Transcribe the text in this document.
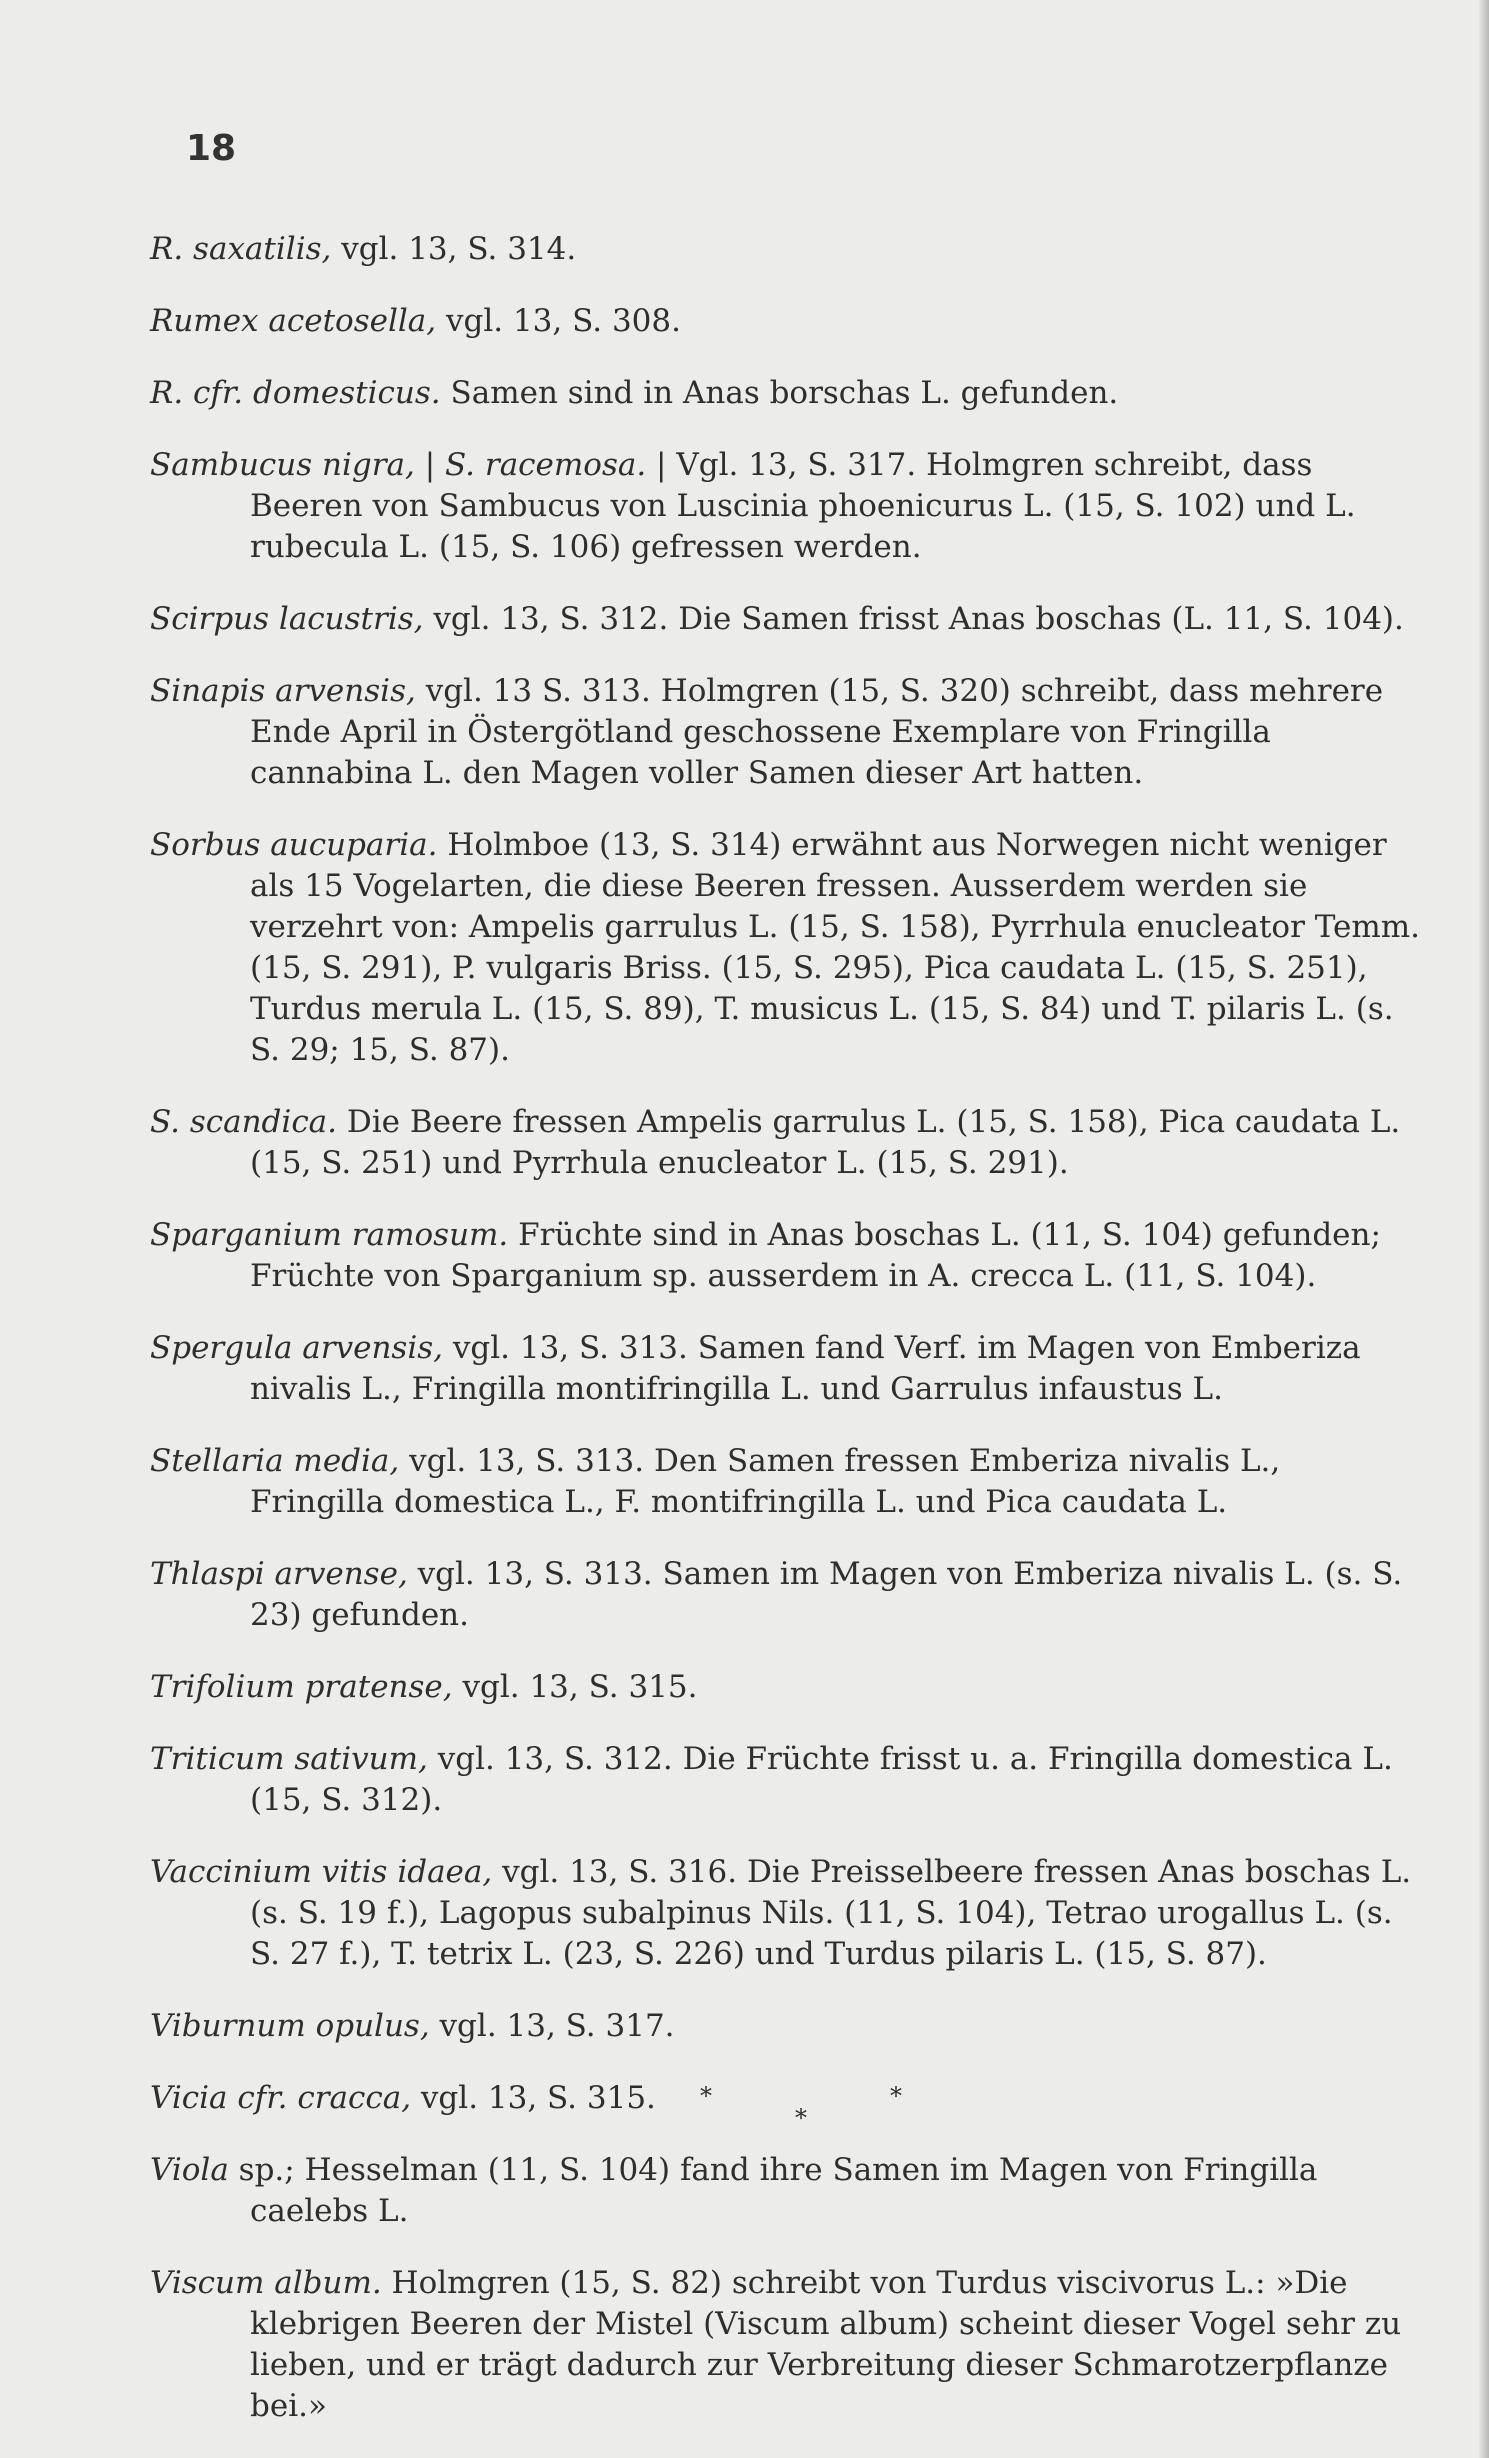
18

R. saxatilis, vgl. 13, S. 314.

Rumex acetosella, vgl. 13, S. 308.

R. cfr. domesticus. Samen sind in Anas borschas L. gefunden.

Sambucus nigra, | S. racemosa. | Vgl. 13, S. 317. Holmgren schreibt, dass Beeren von Sambucus von Luscinia phoenicurus L. (15, S. 102) und L. rubecula L. (15, S. 106) gefressen werden.

Scirpus lacustris, vgl. 13, S. 312. Die Samen frisst Anas boschas (L. 11, S. 104).

Sinapis arvensis, vgl. 13 S. 313. Holmgren (15, S. 320) schreibt, dass mehrere Ende April in Östergötland geschossene Exemplare von Fringilla cannabina L. den Magen voller Samen dieser Art hatten.

Sorbus aucuparia. Holmboe (13, S. 314) erwähnt aus Norwegen nicht weniger als 15 Vogelarten, die diese Beeren fressen. Ausserdem werden sie verzehrt von: Ampelis garrulus L. (15, S. 158), Pyrrhula enucleator Temm. (15, S. 291), P. vulgaris Briss. (15, S. 295), Pica caudata L. (15, S. 251), Turdus merula L. (15, S. 89), T. musicus L. (15, S. 84) und T. pilaris L. (s. S. 29; 15, S. 87).

S. scandica. Die Beere fressen Ampelis garrulus L. (15, S. 158), Pica caudata L. (15, S. 251) und Pyrrhula enucleator L. (15, S. 291).

Sparganium ramosum. Früchte sind in Anas boschas L. (11, S. 104) gefunden; Früchte von Sparganium sp. ausserdem in A. crecca L. (11, S. 104).

Spergula arvensis, vgl. 13, S. 313. Samen fand Verf. im Magen von Emberiza nivalis L., Fringilla montifringilla L. und Garrulus infaustus L.

Stellaria media, vgl. 13, S. 313. Den Samen fressen Emberiza nivalis L., Fringilla domestica L., F. montifringilla L. und Pica caudata L.

Thlaspi arvense, vgl. 13, S. 313. Samen im Magen von Emberiza nivalis L. (s. S. 23) gefunden.

Trifolium pratense, vgl. 13, S. 315.

Triticum sativum, vgl. 13, S. 312. Die Früchte frisst u. a. Fringilla domestica L. (15, S. 312).

Vaccinium vitis idaea, vgl. 13, S. 316. Die Preisselbeere fressen Anas boschas L. (s. S. 19 f.), Lagopus subalpinus Nils. (11, S. 104), Tetrao urogallus L. (s. S. 27 f.), T. tetrix L. (23, S. 226) und Turdus pilaris L. (15, S. 87).

Viburnum opulus, vgl. 13, S. 317.

Vicia cfr. cracca, vgl. 13, S. 315.

Viola sp.; Hesselman (11, S. 104) fand ihre Samen im Magen von Fringilla caelebs L.

Viscum album. Holmgren (15, S. 82) schreibt von Turdus viscivorus L.: »Die klebrigen Beeren der Mistel (Viscum album) scheint dieser Vogel sehr zu lieben, und er trägt dadurch zur Verbreitung dieser Schmarotzerpflanze bei.»

*
*
*
